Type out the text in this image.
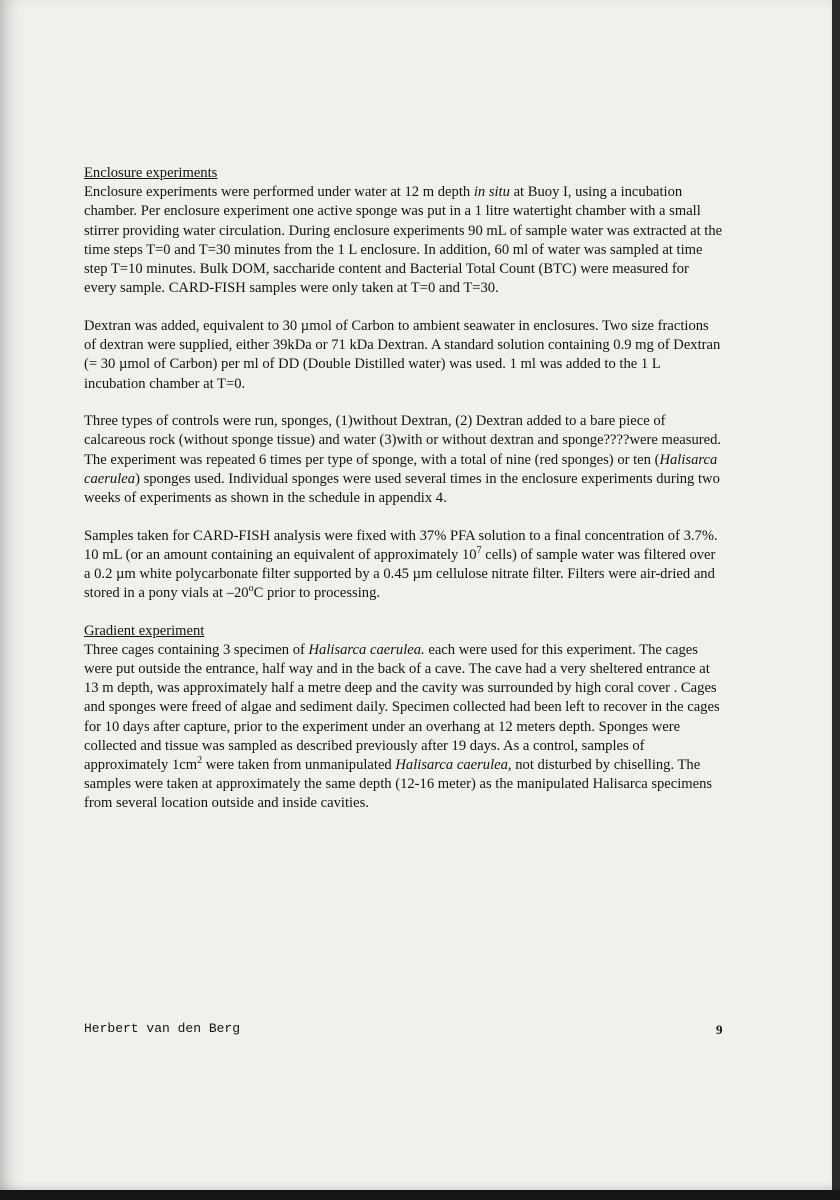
Enclosure experiments

Enclosure experiments were performed under water at 12 m depth in situ at Buoy I, using a incubation chamber. Per enclosure experiment one active sponge was put in a 1 litre watertight chamber with a small stirrer providing water circulation. During enclosure experiments 90 mL of sample water was extracted at the time steps T=0 and T=30 minutes from the 1 L enclosure. In addition, 60 ml of water was sampled at time step T=10 minutes. Bulk DOM, saccharide content and Bacterial Total Count (BTC) were measured for every sample. CARD-FISH samples were only taken at T=0 and T=30.

Dextran was added, equivalent to 30 µmol of Carbon to ambient seawater in enclosures. Two size fractions of dextran were supplied, either 39kDa or 71 kDa Dextran. A standard solution containing 0.9 mg of Dextran (= 30 µmol of Carbon) per ml of DD (Double Distilled water) was used. 1 ml was added to the 1 L incubation chamber at T=0.

Three types of controls were run, sponges, (1)without Dextran, (2) Dextran added to a bare piece of calcareous rock (without sponge tissue) and water (3)with or without dextran and sponge????were measured. The experiment was repeated 6 times per type of sponge, with a total of nine (red sponges) or ten (Halisarca caerulea) sponges used. Individual sponges were used several times in the enclosure experiments during two weeks of experiments as shown in the schedule in appendix 4.

Samples taken for CARD-FISH analysis were fixed with 37% PFA solution to a final concentration of 3.7%. 10 mL (or an amount containing an equivalent of approximately $10^7$ cells) of sample water was filtered over a 0.2 µm white polycarbonate filter supported by a 0.45 µm cellulose nitrate filter. Filters were air-dried and stored in a pony vials at –20$^o$C prior to processing.

Gradient experiment

Three cages containing 3 specimen of Halisarca caerulea. each were used for this experiment. The cages were put outside the entrance, half way and in the back of a cave. The cave had a very sheltered entrance at 13 m depth, was approximately half a metre deep and the cavity was surrounded by high coral cover . Cages and sponges were freed of algae and sediment daily. Specimen collected had been left to recover in the cages for 10 days after capture, prior to the experiment under an overhang at 12 meters depth. Sponges were collected and tissue was sampled as described previously after 19 days. As a control, samples of approximately $1cm^2$ were taken from unmanipulated Halisarca caerulea, not disturbed by chiselling. The samples were taken at approximately the same depth (12-16 meter) as the manipulated Halisarca specimens from several location outside and inside cavities.

Herbert van den Berg	9
